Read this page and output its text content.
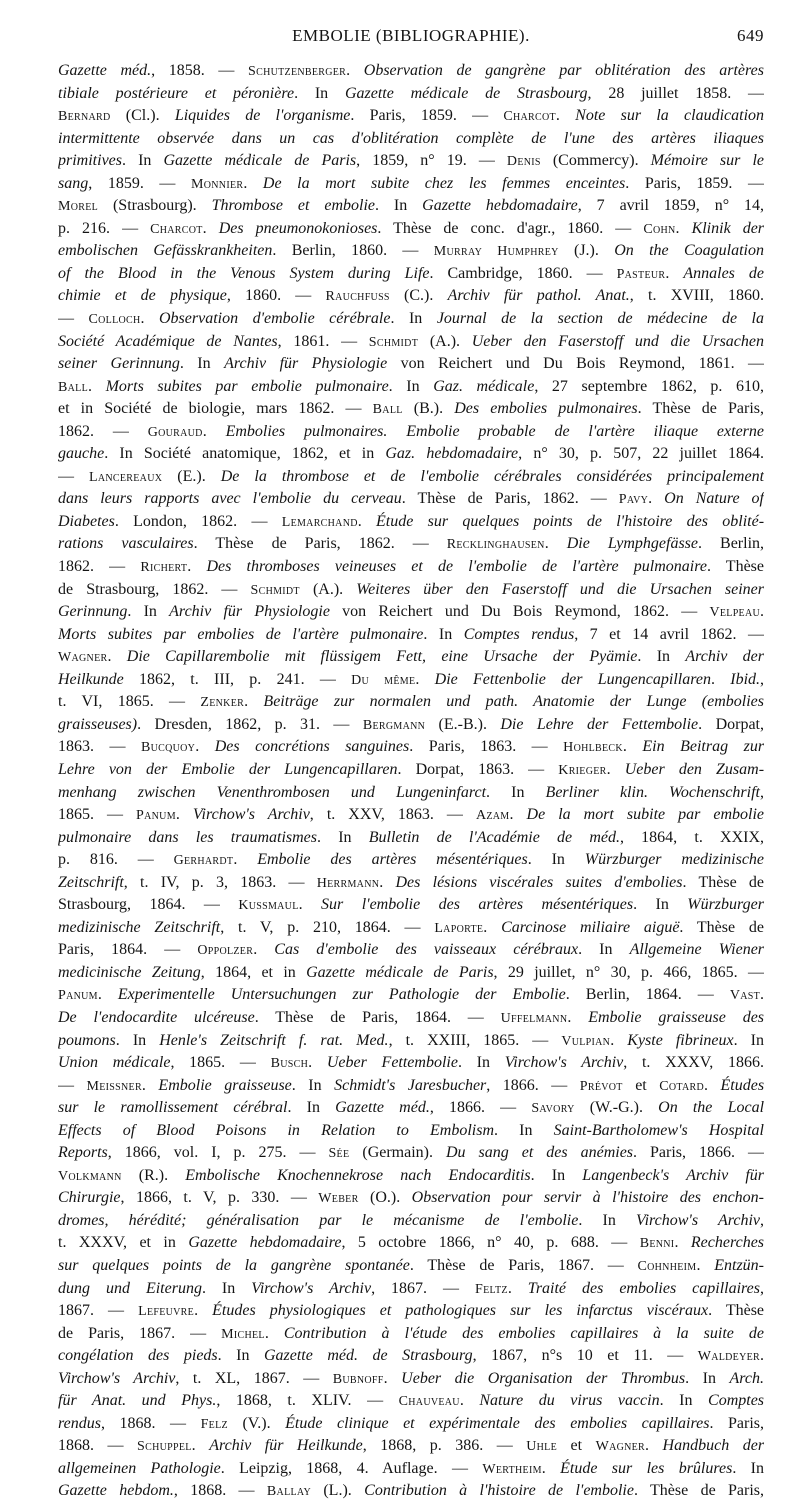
EMBOLIE (BIBLIOGRAPHIE).	649
Gazette méd., 1858. — Schutzenberger. Observation de gangrène par oblitération des artères
tibiale postérieure et péronière. In Gazette médicale de Strasbourg, 28 juillet 1858. —
Bernard (Cl.). Liquides de l'organisme. Paris, 1859. — Charcot. Note sur la claudication
intermittente observée dans un cas d'oblitération complète de l'une des artères iliaques
primitives. In Gazette médicale de Paris, 1859, n° 19. — Denis (Commercy). Mémoire sur le
sang, 1859. — Monnier. De la mort subite chez les femmes enceintes. Paris, 1859. —
Morel (Strasbourg). Thrombose et embolie. In Gazette hebdomadaire, 7 avril 1859, n° 14,
p. 216. — Charcot. Des pneumonokonioses. Thèse de conc. d'agr., 1860. — Cohn. Klinik der
embolischen Gefässkrankheiten. Berlin, 1860. — Murray Humphrey (J.). On the Coagulation
of the Blood in the Venous System during Life. Cambridge, 1860. — Pasteur. Annales de
chimie et de physique, 1860. — Rauchfuss (C.). Archiv für pathol. Anat., t. XVIII, 1860.
— Colloch. Observation d'embolie cérébrale. In Journal de la section de médecine de la
Société Académique de Nantes, 1861. — Schmidt (A.). Ueber den Faserstoff und die Ursachen
seiner Gerinnung. In Archiv für Physiologie von Reichert und Du Bois Reymond, 1861. —
Ball. Morts subites par embolie pulmonaire. In Gaz. médicale, 27 septembre 1862, p. 610,
et in Société de biologie, mars 1862. — Ball (B.). Des embolies pulmonaires. Thèse de Paris,
1862. — Gouraud. Embolies pulmonaires. Embolie probable de l'artère iliaque externe
gauche. In Société anatomique, 1862, et in Gaz. hebdomadaire, n° 30, p. 507, 22 juillet 1864.
— Lancereaux (E.). De la thrombose et de l'embolie cérébrales considérées principalement
dans leurs rapports avec l'embolie du cerveau. Thèse de Paris, 1862. — Pavy. On Nature of
Diabetes. London, 1862. — Lemarchand. Étude sur quelques points de l'histoire des oblité-
rations vasculaires. Thèse de Paris, 1862. — Recklinghausen. Die Lymphgefässe. Berlin,
1862. — Richert. Des thromboses veineuses et de l'embolie de l'artère pulmonaire. Thèse
de Strasbourg, 1862. — Schmidt (A.). Weiteres über den Faserstoff und die Ursachen seiner
Gerinnung. In Archiv für Physiologie von Reichert und Du Bois Reymond, 1862. — Velpeau.
Morts subites par embolies de l'artère pulmonaire. In Comptes rendus, 7 et 14 avril 1862. —
Wagner. Die Capillarembolie mit flüssigem Fett, eine Ursache der Pyämie. In Archiv der
Heilkunde 1862, t. III, p. 241. — Du même. Die Fettenbolie der Lungencapillaren. Ibid.,
t. VI, 1865. — Zenker. Beiträge zur normalen und path. Anatomie der Lunge (embolies
graisseuses). Dresden, 1862, p. 31. — Bergmann (E.-B.). Die Lehre der Fettembolie. Dorpat,
1863. — Bucquoy. Des concrétions sanguines. Paris, 1863. — Hohlbeck. Ein Beitrag zur
Lehre von der Embolie der Lungencapillaren. Dorpat, 1863. — Krieger. Ueber den Zusam-
menhang zwischen Venenthrombosen und Lungeninfarct. In Berliner klin. Wochenschrift,
1865. — Panum. Virchow's Archiv, t. XXV, 1863. — Azam. De la mort subite par embolie
pulmonaire dans les traumatismes. In Bulletin de l'Académie de méd., 1864, t. XXIX,
p. 816. — Gerhardt. Embolie des artères mésentériques. In Würzburger medizinische
Zeitschrift, t. IV, p. 3, 1863. — Herrmann. Des lésions viscérales suites d'embolies. Thèse de
Strasbourg, 1864. — Kussmaul. Sur l'embolie des artères mésentériques. In Würzburger
medizinische Zeitschrift, t. V, p. 210, 1864. — Laporte. Carcinose miliaire aiguë. Thèse de
Paris, 1864. — Oppolzer. Cas d'embolie des vaisseaux cérébraux. In Allgemeine Wiener
medicinische Zeitung, 1864, et in Gazette médicale de Paris, 29 juillet, n° 30, p. 466, 1865. —
Panum. Experimentelle Untersuchungen zur Pathologie der Embolie. Berlin, 1864. — Vast.
De l'endocardite ulcéreuse. Thèse de Paris, 1864. — Uffelmann. Embolie graisseuse des
poumons. In Henle's Zeitschrift f. rat. Med., t. XXIII, 1865. — Vulpian. Kyste fibrineux. In
Union médicale, 1865. — Busch. Ueber Fettembolie. In Virchow's Archiv, t. XXXV, 1866.
— Meissner. Embolie graisseuse. In Schmidt's Jaresbucher, 1866. — Prévot et Cotard. Études
sur le ramollissement cérébral. In Gazette méd., 1866. — Savory (W.-G.). On the Local
Effects of Blood Poisons in Relation to Embolism. In Saint-Bartholomew's Hospital
Reports, 1866, vol. I, p. 275. — Sée (Germain). Du sang et des anémies. Paris, 1866. —
Volkmann (R.). Embolische Knochennekrose nach Endocarditis. In Langenbeck's Archiv für
Chirurgie, 1866, t. V, p. 330. — Weber (O.). Observation pour servir à l'histoire des enchon-
dromes, hérédité; généralisation par le mécanisme de l'embolie. In Virchow's Archiv,
t. XXXV, et in Gazette hebdomadaire, 5 octobre 1866, n° 40, p. 688. — Benni. Recherches
sur quelques points de la gangrène spontanée. Thèse de Paris, 1867. — Cohnheim. Entzün-
dung und Eiterung. In Virchow's Archiv, 1867. — Feltz. Traité des embolies capillaires,
1867. — Lefeuvre. Études physiologiques et pathologiques sur les infarctus viscéraux. Thèse
de Paris, 1867. — Michel. Contribution à l'étude des embolies capillaires à la suite de
congélation des pieds. In Gazette méd. de Strasbourg, 1867, n°s 10 et 11. — Waldeyer.
Virchow's Archiv, t. XL, 1867. — Bubnoff. Ueber die Organisation der Thrombus. In Arch.
für Anat. und Phys., 1868, t. XLIV. — Chauveau. Nature du virus vaccin. In Comptes
rendus, 1868. — Felz (V.). Étude clinique et expérimentale des embolies capillaires. Paris,
1868. — Schuppel. Archiv für Heilkunde, 1868, p. 386. — Uhle et Wagner. Handbuch der
allgemeinen Pathologie. Leipzig, 1868, 4. Auflage. — Wertheim. Étude sur les brûlures. In
Gazette hebdom., 1868. — Ballay (L.). Contribution à l'histoire de l'embolie. Thèse de Paris,
